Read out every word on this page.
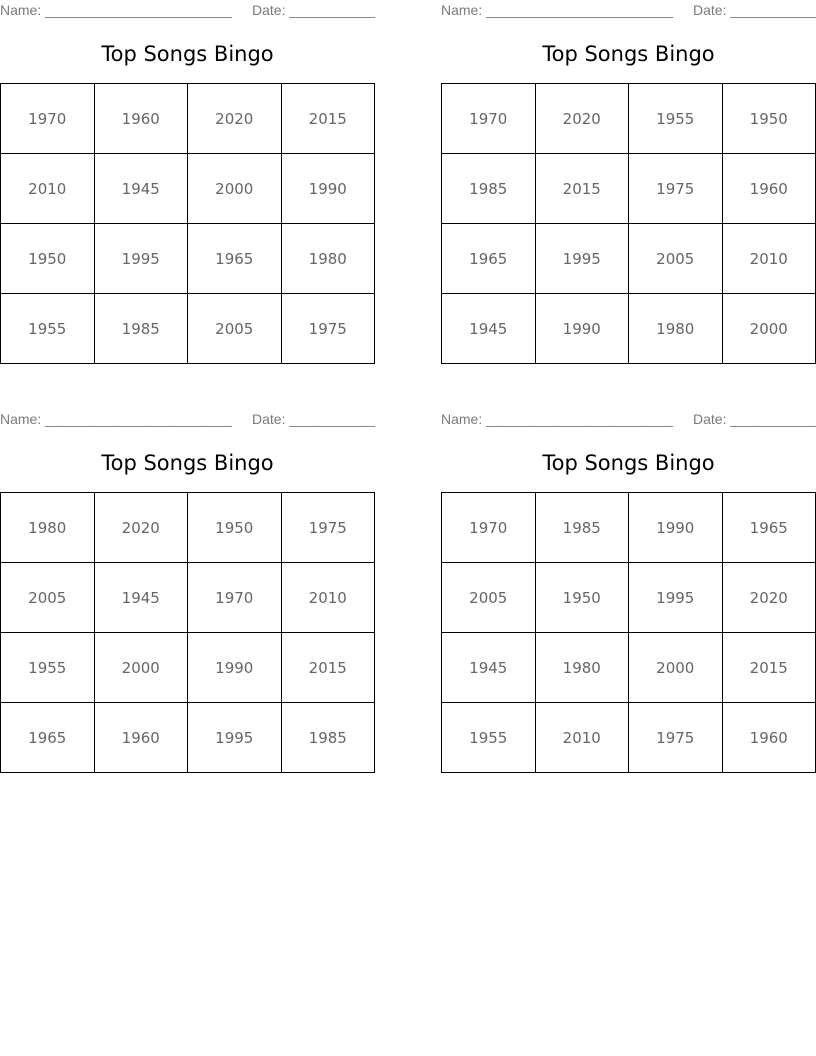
Name: ________________________ Date: ___________
Top Songs Bingo
1970	1960	2020	2015
2010	1945	2000	1990
1950	1995	1965	1980
1955	1985	2005	1975
Name: ________________________ Date: ___________
Top Songs Bingo
1970	2020	1955	1950
1985	2015	1975	1960
1965	1995	2005	2010
1945	1990	1980	2000
Name: ________________________ Date: ___________
Top Songs Bingo
1980	2020	1950	1975
2005	1945	1970	2010
1955	2000	1990	2015
1965	1960	1995	1985
Name: ________________________ Date: ___________
Top Songs Bingo
1970	1985	1990	1965
2005	1950	1995	2020
1945	1980	2000	2015
1955	2010	1975	1960
